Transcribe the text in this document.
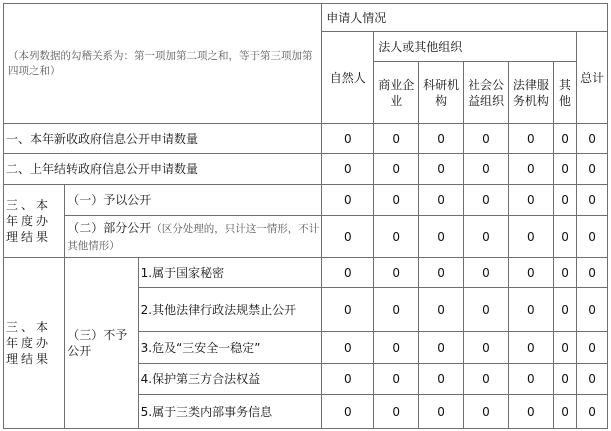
（本列数据的勾稽关系为：第一项加第二项之和，等于第三项加第四项之和）			申请人情况						
			自然人	法人或其他组织					总计
				商业企业	科研机构	社会公益组织	法律服务机构	其他	
一、本年新收政府信息公开申请数量			0	0	0	0	0	0	0
二、上年结转政府信息公开申请数量			0	0	0	0	0	0	0
三、本年度办理结果	（一）予以公开		0	0	0	0	0	0	0
	（二）部分公开（区分处理的，只计这一情形，不计其他情形）		0	0	0	0	0	0	0
三、本年度办理结果	（三）不予公开	1.属于国家秘密	0	0	0	0	0	0	0
		2.其他法律行政法规禁止公开	0	0	0	0	0	0	0
		3.危及“三安全一稳定”	0	0	0	0	0	0	0
		4.保护第三方合法权益	0	0	0	0	0	0	0
		5.属于三类内部事务信息	0	0	0	0	0	0	0
